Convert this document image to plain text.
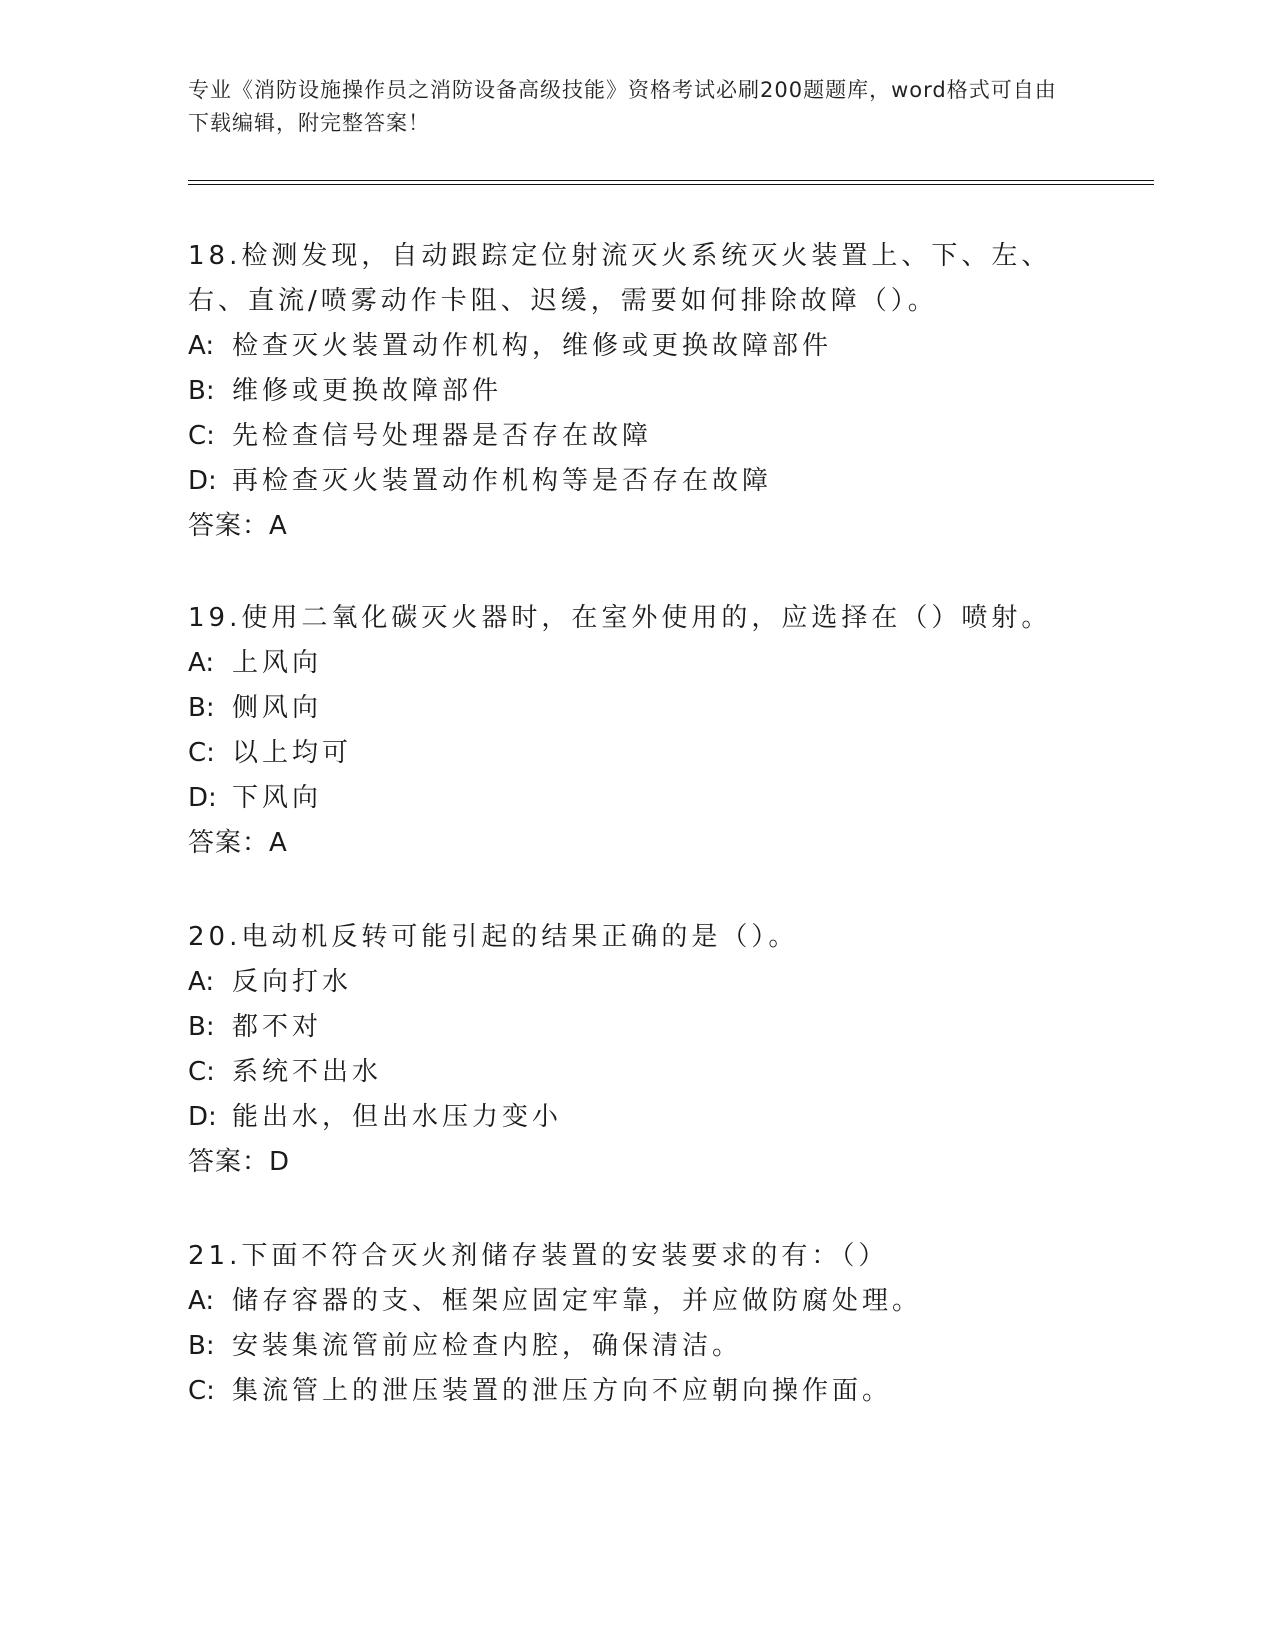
专业《消防设施操作员之消防设备高级技能》资格考试必刷200题题库，word格式可自由下载编辑，附完整答案！

18.检测发现，自动跟踪定位射流灭火系统灭火装置上、下、左、右、直流/喷雾动作卡阻、迟缓，需要如何排除故障（）。

A: 检查灭火装置动作机构，维修或更换故障部件

B: 维修或更换故障部件

C: 先检查信号处理器是否存在故障

D: 再检查灭火装置动作机构等是否存在故障

答案：A

19.使用二氧化碳灭火器时，在室外使用的，应选择在（）喷射。

A: 上风向

B: 侧风向

C: 以上均可

D: 下风向

答案：A

20.电动机反转可能引起的结果正确的是（）。

A: 反向打水

B: 都不对

C: 系统不出水

D: 能出水，但出水压力变小

答案：D

21.下面不符合灭火剂储存装置的安装要求的有：（）

A: 储存容器的支、框架应固定牢靠，并应做防腐处理。

B: 安装集流管前应检查内腔，确保清洁。

C: 集流管上的泄压装置的泄压方向不应朝向操作面。
